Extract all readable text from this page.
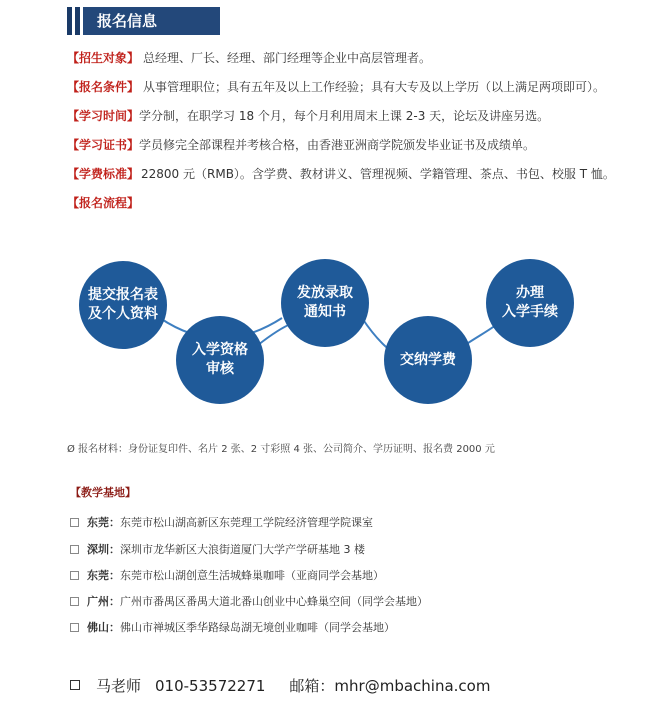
报名信息
【招生对象】 总经理、厂长、经理、部门经理等企业中高层管理者。
【报名条件】 从事管理职位；具有五年及以上工作经验；具有大专及以上学历（以上满足两项即可）。
【学习时间】学分制，在职学习 18 个月，每个月利用周末上课 2-3 天，论坛及讲座另选。
【学习证书】学员修完全部课程并考核合格，由香港亚洲商学院颁发毕业证书及成绩单。
【学费标准】 22800 元（RMB）。含学费、教材讲义、管理视频、学籍管理、茶点、书包、校服 T 恤。
【报名流程】
提交报名表
及个人资料
入学资格
审核
发放录取
通知书
交纳学费
办理
入学手续
Ø 报名材料：身份证复印件、名片 2 张、2 寸彩照 4 张、公司简介、学历证明、报名费 2000 元
【教学基地】
东莞：东莞市松山湖高新区东莞理工学院经济管理学院课室
深圳：深圳市龙华新区大浪街道厦门大学产学研基地 3 楼
东莞：东莞市松山湖创意生活城蜂巢咖啡（亚商同学会基地）
广州：广州市番禺区番禺大道北番山创业中心蜂巢空间（同学会基地）
佛山：佛山市禅城区季华路绿岛湖无境创业咖啡（同学会基地）
马老师 010-53572271 邮箱：mhr@mbachina.com
